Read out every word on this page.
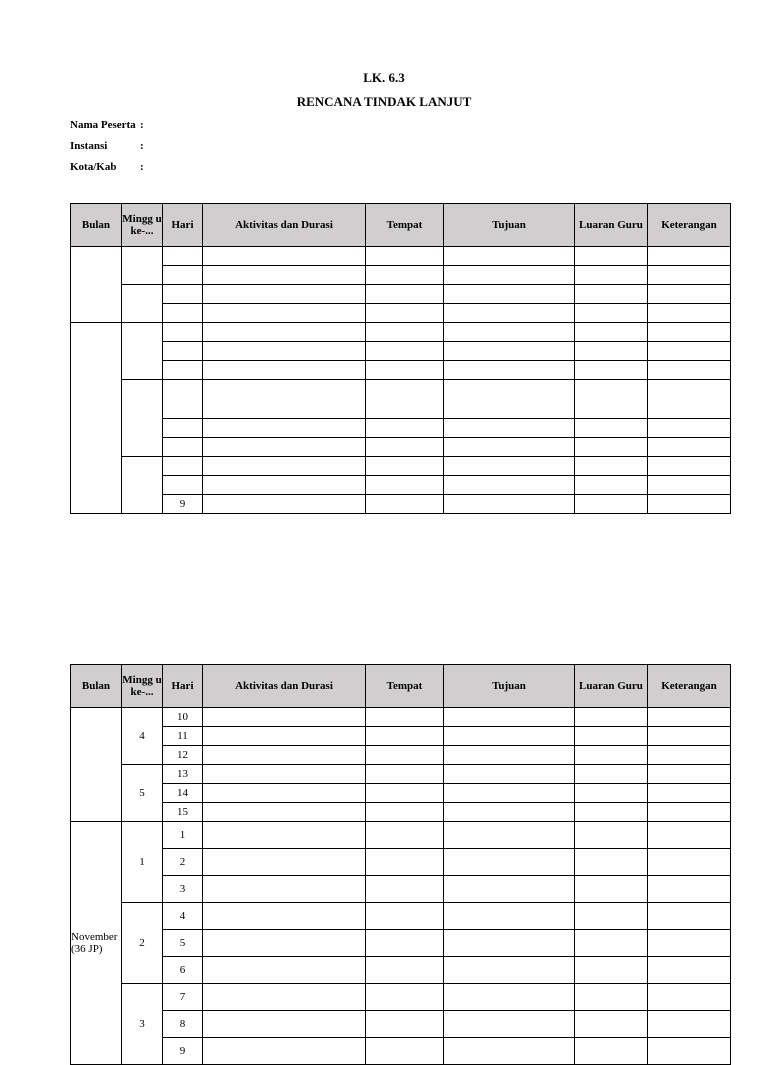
LK. 6.3
RENCANA TINDAK LANJUT
Nama Peserta :
Instansi	:
Kota/Kab :
Bulan	Mingg u ke-...	Hari	Aktivitas dan Durasi	Tempat	Tujuan	Luaran Guru	Keterangan

		9					
Bulan	Mingg u ke-...	Hari	Aktivitas dan Durasi	Tempat	Tujuan	Luaran Guru	Keterangan
	4	10					
		11					
		12					
	5	13					
		14					
		15					
November (36 JP)	1	1					
		2					
		3					
	2	4					
		5					
		6					
	3	7					
		8					
		9					
